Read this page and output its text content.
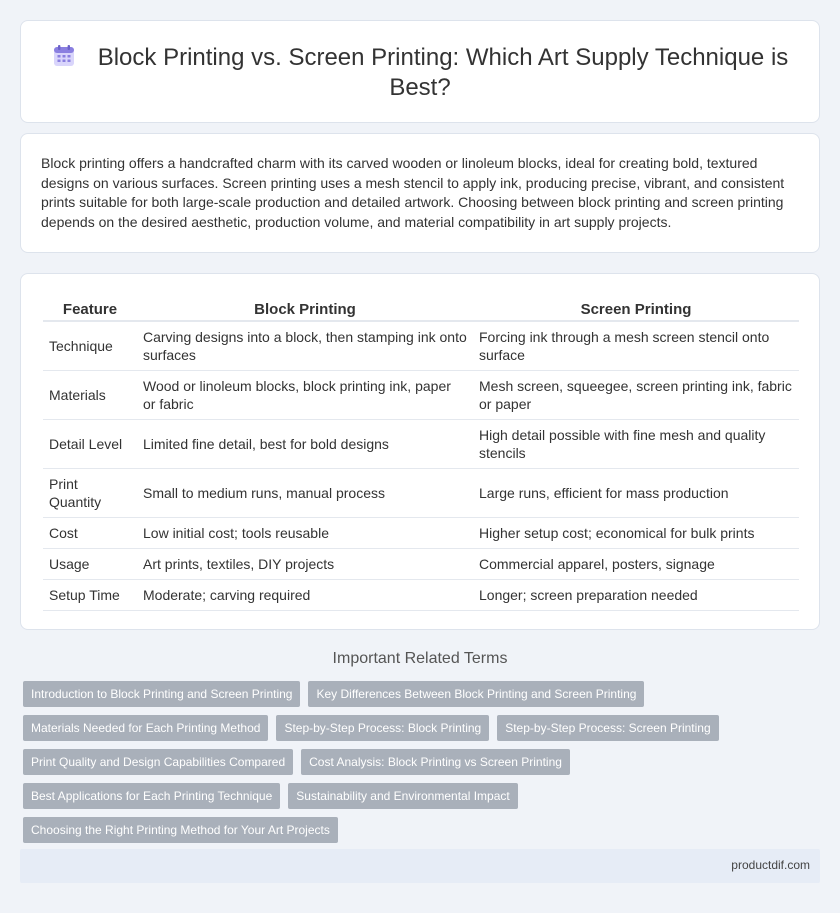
Block Printing vs. Screen Printing: Which Art Supply Technique is Best?

Block printing offers a handcrafted charm with its carved wooden or linoleum blocks, ideal for creating bold, textured designs on various surfaces. Screen printing uses a mesh stencil to apply ink, producing precise, vibrant, and consistent prints suitable for both large-scale production and detailed artwork. Choosing between block printing and screen printing depends on the desired aesthetic, production volume, and material compatibility in art supply projects.

Feature	Block Printing	Screen Printing
Technique	Carving designs into a block, then stamping ink onto surfaces	Forcing ink through a mesh screen stencil onto surface
Materials	Wood or linoleum blocks, block printing ink, paper or fabric	Mesh screen, squeegee, screen printing ink, fabric or paper
Detail Level	Limited fine detail, best for bold designs	High detail possible with fine mesh and quality stencils
Print Quantity	Small to medium runs, manual process	Large runs, efficient for mass production
Cost	Low initial cost; tools reusable	Higher setup cost; economical for bulk prints
Usage	Art prints, textiles, DIY projects	Commercial apparel, posters, signage
Setup Time	Moderate; carving required	Longer; screen preparation needed
Important Related Terms
Introduction to Block Printing and Screen Printing	Key Differences Between Block Printing and Screen Printing
Materials Needed for Each Printing Method	Step-by-Step Process: Block Printing	Step-by-Step Process: Screen Printing
Print Quality and Design Capabilities Compared	Cost Analysis: Block Printing vs Screen Printing
Best Applications for Each Printing Technique	Sustainability and Environmental Impact
Choosing the Right Printing Method for Your Art Projects
productdif.com
